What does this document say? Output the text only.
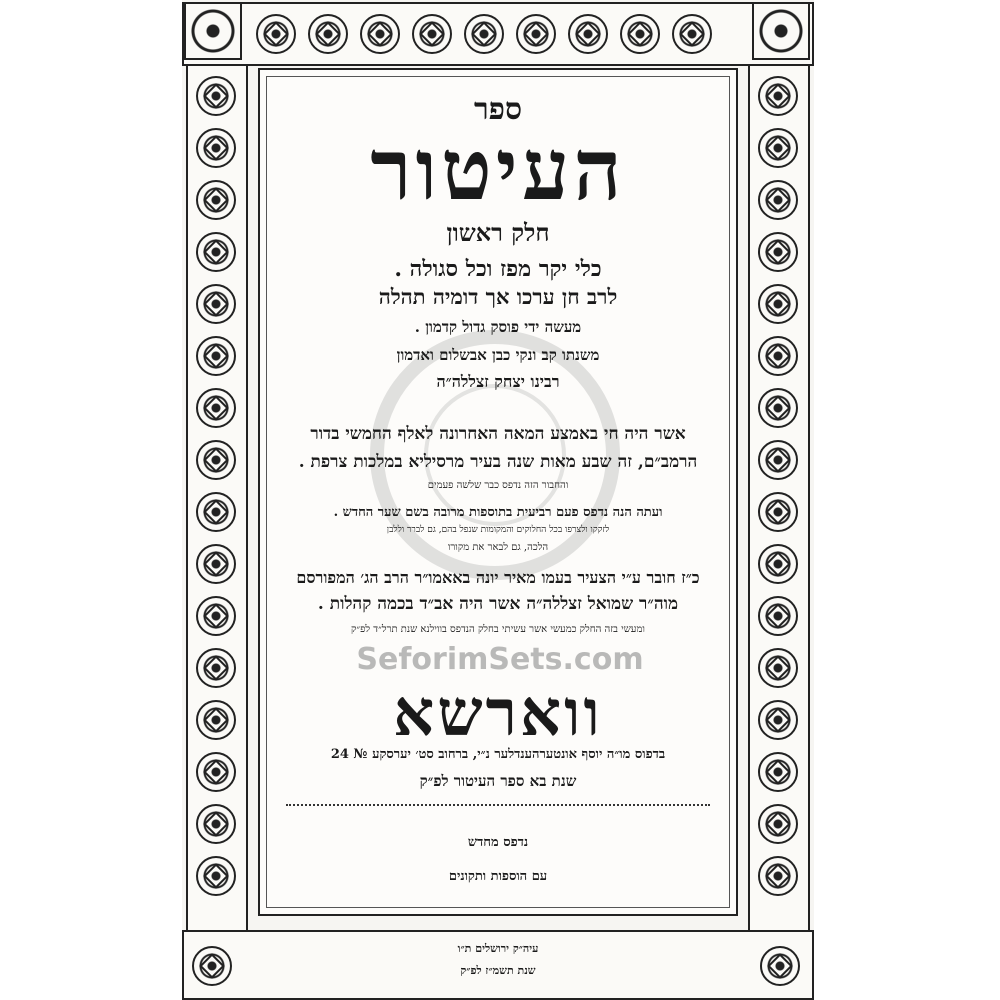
ספר
העיטור
חלק ראשון
כלי יקר מפז וכל סגולה .
לרב חן ערכו אך דומיה תהלה
מעשה ידי פוסק גדול קדמון .
משנתו קב ונקי כבן אבשלום ואדמון
רבינו יצחק זצללה״ה
אשר היה חי באמצע המאה האחרונה לאלף החמשי בדור
הרמב״ם, זה שבע מאות שנה בעיר מרסיליא במלכות צרפת .
והחבור הזה נדפס כבר שלשה פעמים
ועתה הנה נדפס פעם רביעית בתוספות מרובה בשם שער החדש .
לזקקו ולצרפו בכל החלוקים והמקומות שנפל בהם, גם לברר וללבן
הלכה, גם לבאר את מקורו
כ״ז חובר ע״י הצעיר בעמו מאיר יונה באאמו״ר הרב הג׳ המפורסם
מוה״ר שמואל זצללה״ה אשר היה אב״ד בכמה קהלות .
ומעשי בזה החלק כמעשי אשר עשיתי בחלק הנדפס בווילנא שנת תרל״ד לפ״ק
SeforimSets.com
ווארשא
בדפוס מו״ה יוסף אונטערהענדלער נ״י, ברחוב סט׳ יערסקע № 24
שנת בא ספר העיטור לפ״ק
נדפס מחדש
עם הוספות ותקונים
עיה״ק ירושלים ת״ו
שנת תשמ״ז לפ״ק
